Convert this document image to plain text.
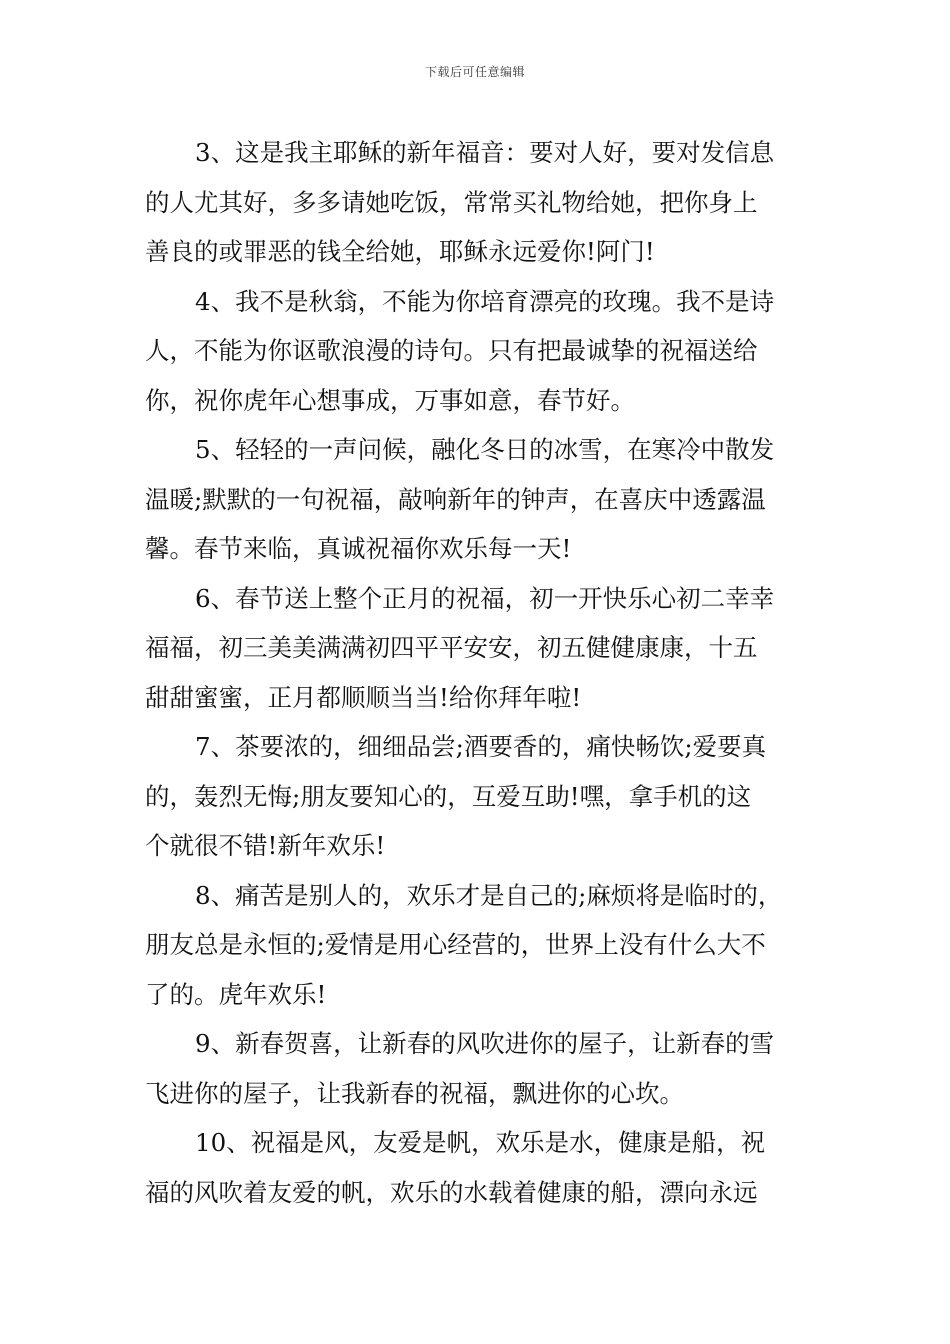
下载后可任意编辑
3、这是我主耶稣的新年福音：要对人好，要对发信息
的人尤其好，多多请她吃饭，常常买礼物给她，把你身上
善良的或罪恶的钱全给她，耶稣永远爱你!阿门!
4、我不是秋翁，不能为你培育漂亮的玫瑰。我不是诗
人，不能为你讴歌浪漫的诗句。只有把最诚挚的祝福送给
你，祝你虎年心想事成，万事如意，春节好。
5、轻轻的一声问候，融化冬日的冰雪，在寒冷中散发
温暖;默默的一句祝福，敲响新年的钟声，在喜庆中透露温
馨。春节来临，真诚祝福你欢乐每一天!
6、春节送上整个正月的祝福，初一开快乐心初二幸幸
福福，初三美美满满初四平平安安，初五健健康康，十五
甜甜蜜蜜，正月都顺顺当当!给你拜年啦!
7、茶要浓的，细细品尝;酒要香的，痛快畅饮;爱要真
的，轰烈无悔;朋友要知心的，互爱互助!嘿，拿手机的这
个就很不错!新年欢乐!
8、痛苦是别人的，欢乐才是自己的;麻烦将是临时的，
朋友总是永恒的;爱情是用心经营的，世界上没有什么大不
了的。虎年欢乐!
9、新春贺喜，让新春的风吹进你的屋子，让新春的雪
飞进你的屋子，让我新春的祝福，飘进你的心坎。
10、祝福是风，友爱是帆，欢乐是水，健康是船，祝
福的风吹着友爱的帆，欢乐的水载着健康的船，漂向永远
